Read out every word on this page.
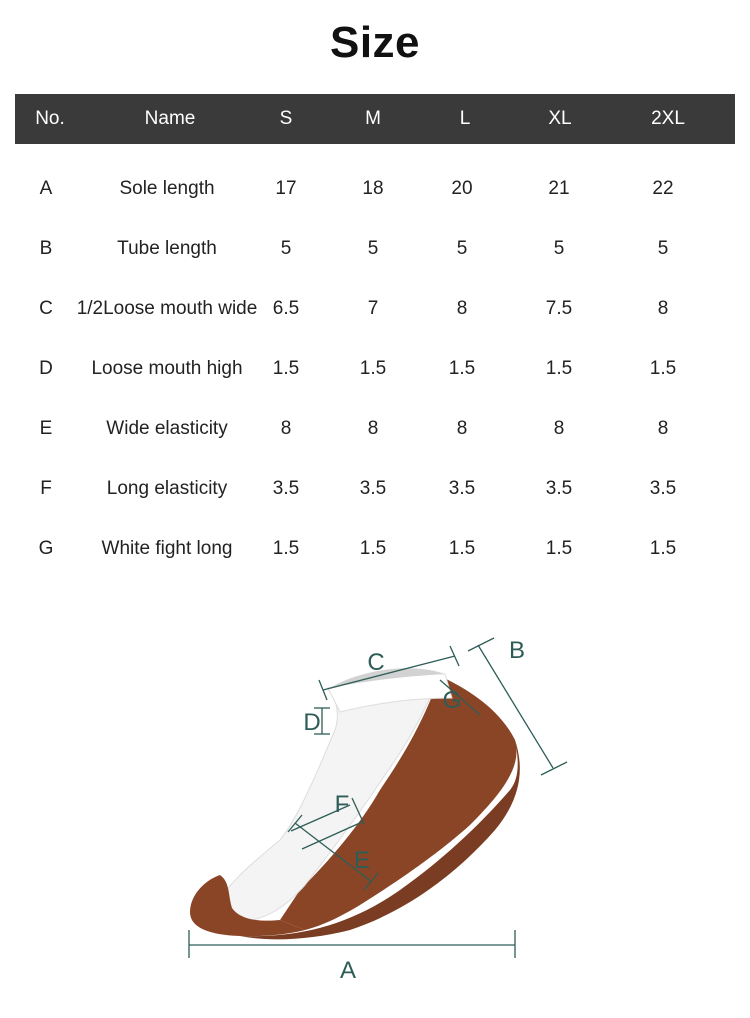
Size
No.	Name	S	M	L	XL	2XL
A	Sole length	17	18	20	21	22
B	Tube length	5	5	5	5	5
C 1/2Loose mouth wide 6.5	7	8	7.5	8
D Loose mouth high 1.5	1.5	1.5	1.5	1.5
E	Wide elasticity	8	8	8	8	8
F	Long elasticity 3.5	3.5	3.5	3.5	3.5
G	White fight long 1.5	1.5	1.5	1.5	1.5
A
B
C
D
E
F
G
